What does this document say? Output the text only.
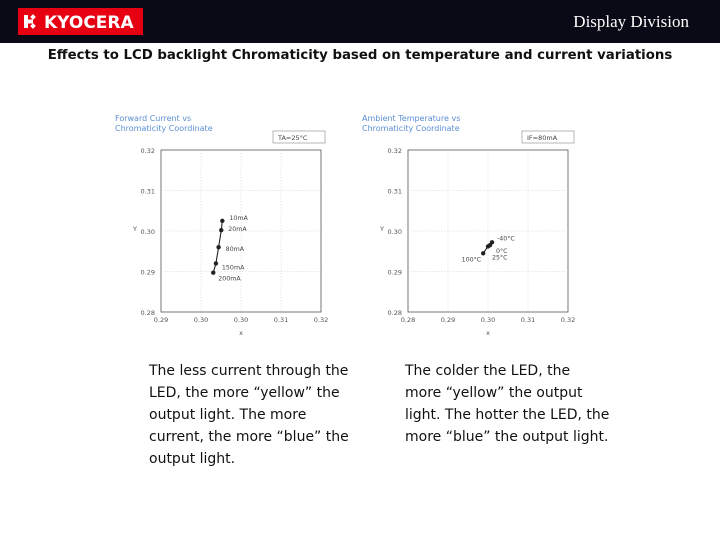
KYOCERA	Display Division
Effects to LCD backlight Chromaticity based on temperature and current variations
Forward Current vs
Chromaticity Coordinate
TA=25°C
0.32
0.31
0.30
0.29
0.28
0.29	0.30	0.30	0.31	0.32
x
Y
10mA
20mA
80mA
150mA
200mA
Ambient Temperature vs
Chromaticity Coordinate
IF=80mA
0.32
0.31
0.30
0.29
0.28
0.28	0.29	0.30	0.31	0.32
x
Y
-40°C
0°C
25°C
100°C
The less current through the LED, the more “yellow” the output light. The more current, the more “blue” the output light.
The colder the LED, the more “yellow” the output light. The hotter the LED, the more “blue” the output light.
